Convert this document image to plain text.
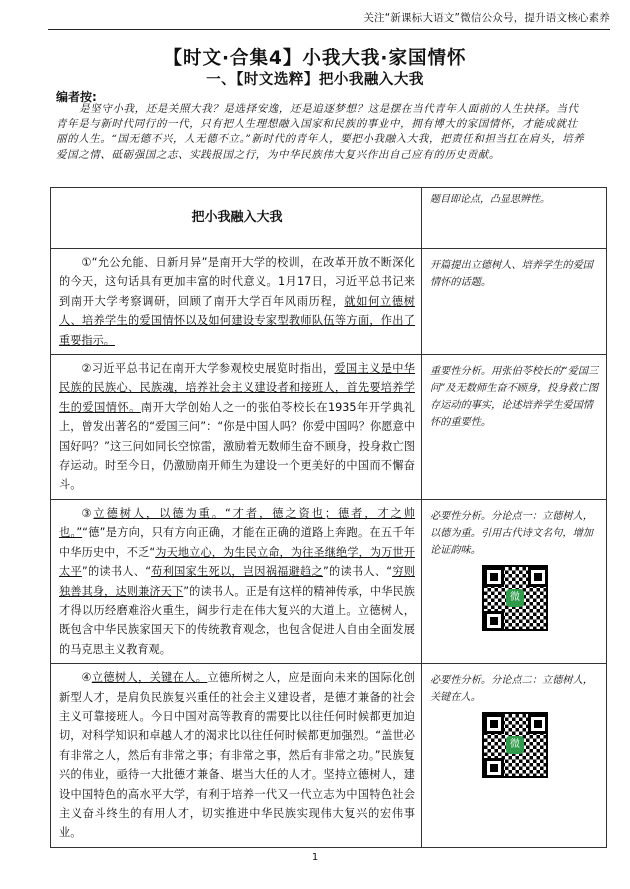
关注“新课标大语文”微信公众号，提升语文核心素养
【时文·合集4】小我大我·家国情怀
一、【时文选粹】把小我融入大我
编者按:
是坚守小我，还是关照大我？是选择安逸，还是追逐梦想？这是摆在当代青年人面前的人生抉择。当代青年是与新时代同行的一代，只有把人生理想融入国家和民族的事业中，拥有博大的家国情怀，才能成就壮丽的人生。“国无德不兴，人无德不立。”新时代的青年人，要把小我融入大我，把责任和担当扛在肩头，培养爱国之情、砥砺强国之志、实践报国之行，为中华民族伟大复兴作出自己应有的历史贡献。
把小我融入大我	题目即论点，凸显思辨性。
①“允公允能、日新月异”是南开大学的校训，在改革开放不断深化的今天，这句话具有更加丰富的时代意义。1月17日，习近平总书记来到南开大学考察调研，回顾了南开大学百年风雨历程，就如何立德树人、培养学生的爱国情怀以及如何建设专家型教师队伍等方面，作出了重要指示。	开篇提出立德树人、培养学生的爱国情怀的话题。

②习近平总书记在南开大学参观校史展览时指出，爱国主义是中华民族的民族心、民族魂，培养社会主义建设者和接班人，首先要培养学生的爱国情怀。南开大学创始人之一的张伯苓校长在1935年开学典礼上，曾发出著名的“爱国三问”：“你是中国人吗？你爱中国吗？你愿意中国好吗？”这三问如同长空惊雷，激励着无数师生奋不顾身，投身救亡图存运动。时至今日，仍激励南开师生为建设一个更美好的中国而不懈奋斗。	重要性分析。用张伯苓校长的“爱国三问”及无数师生奋不顾身，投身救亡图存运动的事实，论述培养学生爱国情怀的重要性。

③立德树人，以德为重。“才者，德之资也；德者，才之帅也。”“德”是方向，只有方向正确，才能在正确的道路上奔跑。在五千年中华历史中，不乏“为天地立心，为生民立命，为往圣继绝学，为万世开太平”的读书人、“苟利国家生死以，岂因祸福避趋之”的读书人、“穷则独善其身，达则兼济天下”的读书人。正是有这样的精神传承，中华民族才得以历经磨难浴火重生，阔步行走在伟大复兴的大道上。立德树人，既包含中华民族家国天下的传统教育观念，也包含促进人自由全面发展的马克思主义教育观。	必要性分析。分论点一：立德树人，以德为重。引用古代诗文名句，增加论证韵味。
微

④立德树人，关键在人。立德所树之人，应是面向未来的国际化创新型人才，是肩负民族复兴重任的社会主义建设者，是德才兼备的社会主义可靠接班人。今日中国对高等教育的需要比以往任何时候都更加迫切，对科学知识和卓越人才的渴求比以往任何时候都更加强烈。“盖世必有非常之人，然后有非常之事；有非常之事，然后有非常之功。”民族复兴的伟业，亟待一大批德才兼备、堪当大任的人才。坚持立德树人，建设中国特色的高水平大学，有利于培养一代又一代立志为中国特色社会主义奋斗终生的有用人才，切实推进中华民族实现伟大复兴的宏伟事业。	必要性分析。分论点二：立德树人，关键在人。
微
1
